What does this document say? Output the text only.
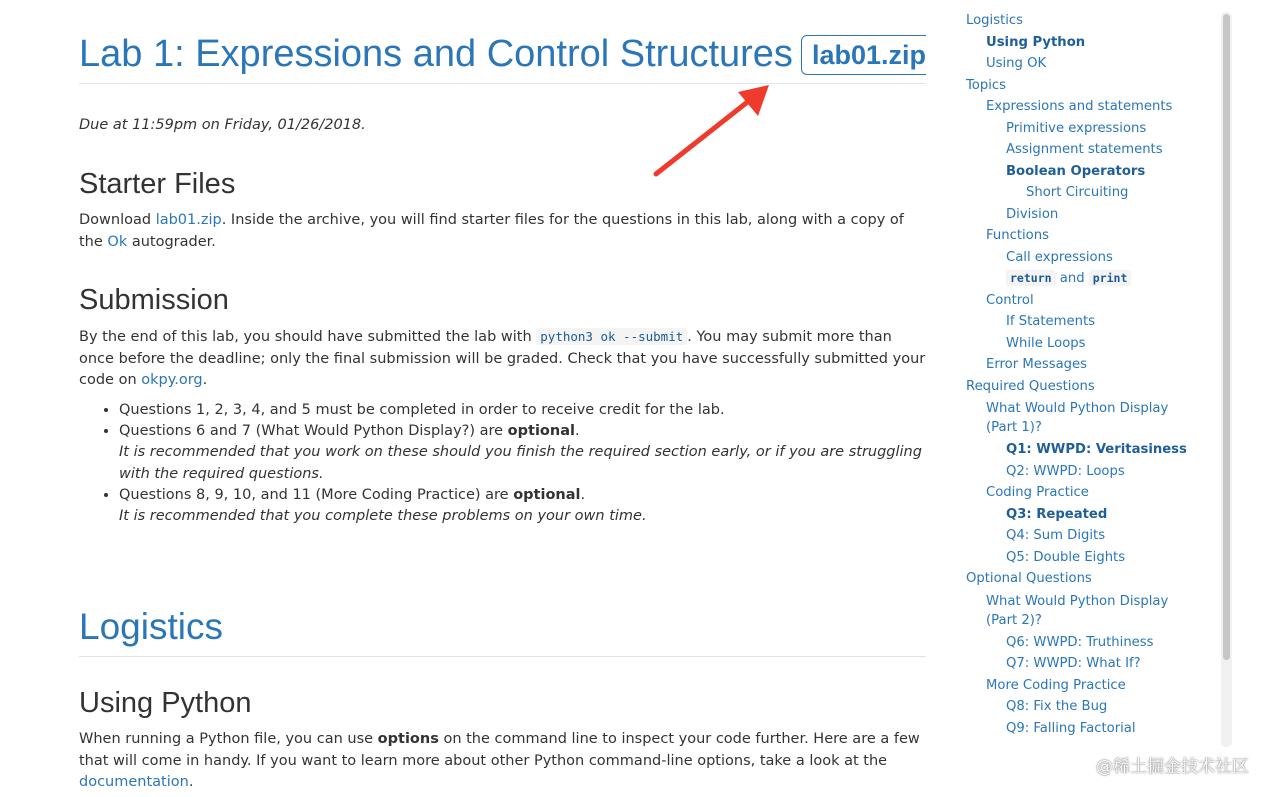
Lab 1: Expressions and Control Structures lab01.zip

Due at 11:59pm on Friday, 01/26/2018.

Starter Files

Download lab01.zip. Inside the archive, you will find starter files for the questions in this lab, along with a copy of the Ok autograder.

Submission

By the end of this lab, you should have submitted the lab with python3 ok --submit . You may submit more than once before the deadline; only the final submission will be graded. Check that you have successfully submitted your code on okpy.org.

• Questions 1, 2, 3, 4, and 5 must be completed in order to receive credit for the lab.
• Questions 6 and 7 (What Would Python Display?) are optional.
It is recommended that you work on these should you finish the required section early, or if you are struggling with the required questions.
• Questions 8, 9, 10, and 11 (More Coding Practice) are optional.
It is recommended that you complete these problems on your own time.
Logistics
Using Python

When running a Python file, you can use options on the command line to inspect your code further. Here are a few that will come in handy. If you want to learn more about other Python command-line options, take a look at the documentation.

Logistics
Using Python
Using OK
Topics
Expressions and statements
Primitive expressions
Assignment statements
Boolean Operators
Short Circuiting
Division
Functions
Call expressions
return and print
Control
If Statements
While Loops
Error Messages
Required Questions
What Would Python Display (Part 1)?
Q1: WWPD: Veritasiness
Q2: WWPD: Loops
Coding Practice
Q3: Repeated
Q4: Sum Digits
Q5: Double Eights
Optional Questions
What Would Python Display (Part 2)?
Q6: WWPD: Truthiness
Q7: WWPD: What If?
More Coding Practice
Q8: Fix the Bug
Q9: Falling Factorial
@稀土掘金技术社区
